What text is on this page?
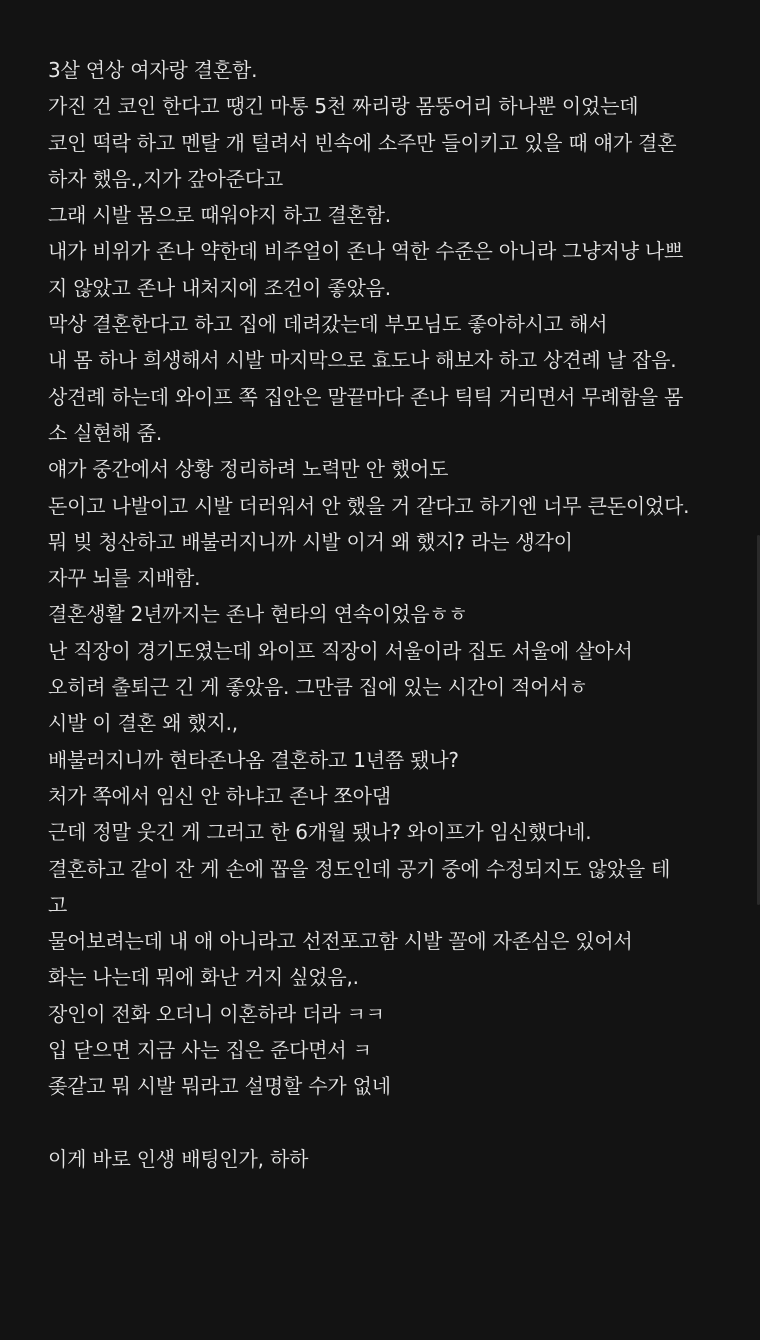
3살 연상 여자랑 결혼함.
가진 건 코인 한다고 땡긴 마통 5천 짜리랑 몸뚱어리 하나뿐 이었는데
코인 떡락 하고 멘탈 개 털려서 빈속에 소주만 들이키고 있을 때 얘가 결혼
하자 했음.,지가 갚아준다고
그래 시발 몸으로 때워야지 하고 결혼함.
내가 비위가 존나 약한데 비주얼이 존나 역한 수준은 아니라 그냥저냥 나쁘
지 않았고 존나 내처지에 조건이 좋았음.
막상 결혼한다고 하고 집에 데려갔는데 부모님도 좋아하시고 해서
내 몸 하나 희생해서 시발 마지막으로 효도나 해보자 하고 상견례 날 잡음.
상견례 하는데 와이프 쪽 집안은 말끝마다 존나 틱틱 거리면서 무례함을 몸
소 실현해 줌.
얘가 중간에서 상황 정리하려 노력만 안 했어도
돈이고 나발이고 시발 더러워서 안 했을 거 같다고 하기엔 너무 큰돈이었다.
뭐 빚 청산하고 배불러지니까 시발 이거 왜 했지? 라는 생각이
자꾸 뇌를 지배함.
결혼생활 2년까지는 존나 현타의 연속이었음ㅎㅎ
난 직장이 경기도였는데 와이프 직장이 서울이라 집도 서울에 살아서
오히려 출퇴근 긴 게 좋았음. 그만큼 집에 있는 시간이 적어서ㅎ
시발 이 결혼 왜 했지.,
배불러지니까 현타존나옴 결혼하고 1년쯤 됐나?
처가 쪽에서 임신 안 하냐고 존나 쪼아댐
근데 정말 웃긴 게 그러고 한 6개월 됐나? 와이프가 임신했다네.
결혼하고 같이 잔 게 손에 꼽을 정도인데 공기 중에 수정되지도 않았을 테
고
물어보려는데 내 애 아니라고 선전포고함 시발 꼴에 자존심은 있어서
화는 나는데 뭐에 화난 거지 싶었음,.
장인이 전화 오더니 이혼하라 더라 ㅋㅋ
입 닫으면 지금 사는 집은 준다면서 ㅋ
좆같고 뭐 시발 뭐라고 설명할 수가 없네
이게 바로 인생 배팅인가, 하하
